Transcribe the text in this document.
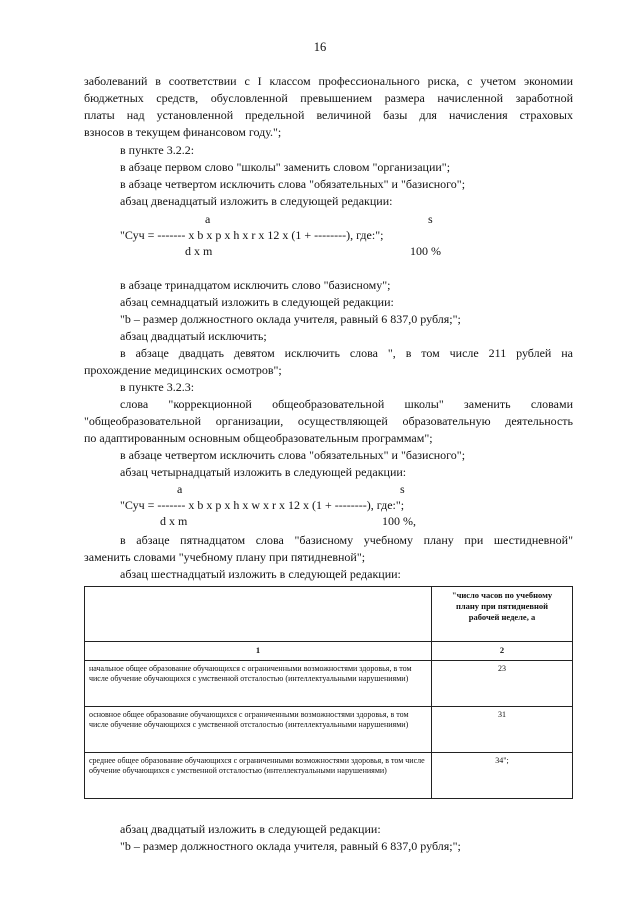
16
заболеваний в соответствии с I классом профессионального риска, с учетом экономии
бюджетных средств, обусловленной превышением размера начисленной заработной
платы над установленной предельной величиной базы для начисления страховых
взносов в текущем финансовом году.";
в пункте 3.2.2:
в абзаце первом слово "школы" заменить словом "организации";
в абзаце четвертом исключить слова "обязательных" и "базисного";
абзац двенадцатый изложить в следующей редакции:
a	s
"Суч = ------- x b x p x h x r x 12 x (1 + --------), где:";
d x m	100 %
в абзаце тринадцатом исключить слово "базисному";
абзац семнадцатый изложить в следующей редакции:
"b – размер должностного оклада учителя, равный 6 837,0 рубля;";
абзац двадцатый исключить;
в абзаце двадцать девятом исключить слова ", в том числе 211 рублей на
прохождение медицинских осмотров";
в пункте 3.2.3:
слова "коррекционной общеобразовательной школы" заменить словами
"общеобразовательной организации, осуществляющей образовательную деятельность
по адаптированным основным общеобразовательным программам";
в абзаце четвертом исключить слова "обязательных" и "базисного";
абзац четырнадцатый изложить в следующей редакции:
a	s
"Суч = ------- x b x p x h x w x r x 12 x (1 + --------), где:";
d x m	100 %,
в абзаце пятнадцатом слова "базисному учебному плану при шестидневной"
заменить словами "учебному плану при пятидневной";
абзац шестнадцатый изложить в следующей редакции:

	"число часов по учебному
плану при пятидневной
рабочей неделе, a

1	2
начальное общее образование обучающихся с ограниченными возможностями здоровья, в том числе обучение обучающихся с умственной отсталостью (интеллектуальными нарушениями)	23
основное общее образование обучающихся с ограниченными возможностями здоровья, в том числе обучение обучающихся с умственной отсталостью (интеллектуальными нарушениями)	31
среднее общее образование обучающихся с ограниченными возможностями здоровья, в том числе обучение обучающихся с умственной отсталостью (интеллектуальными нарушениями)	34";
абзац двадцатый изложить в следующей редакции:
"b – размер должностного оклада учителя, равный 6 837,0 рубля;";
